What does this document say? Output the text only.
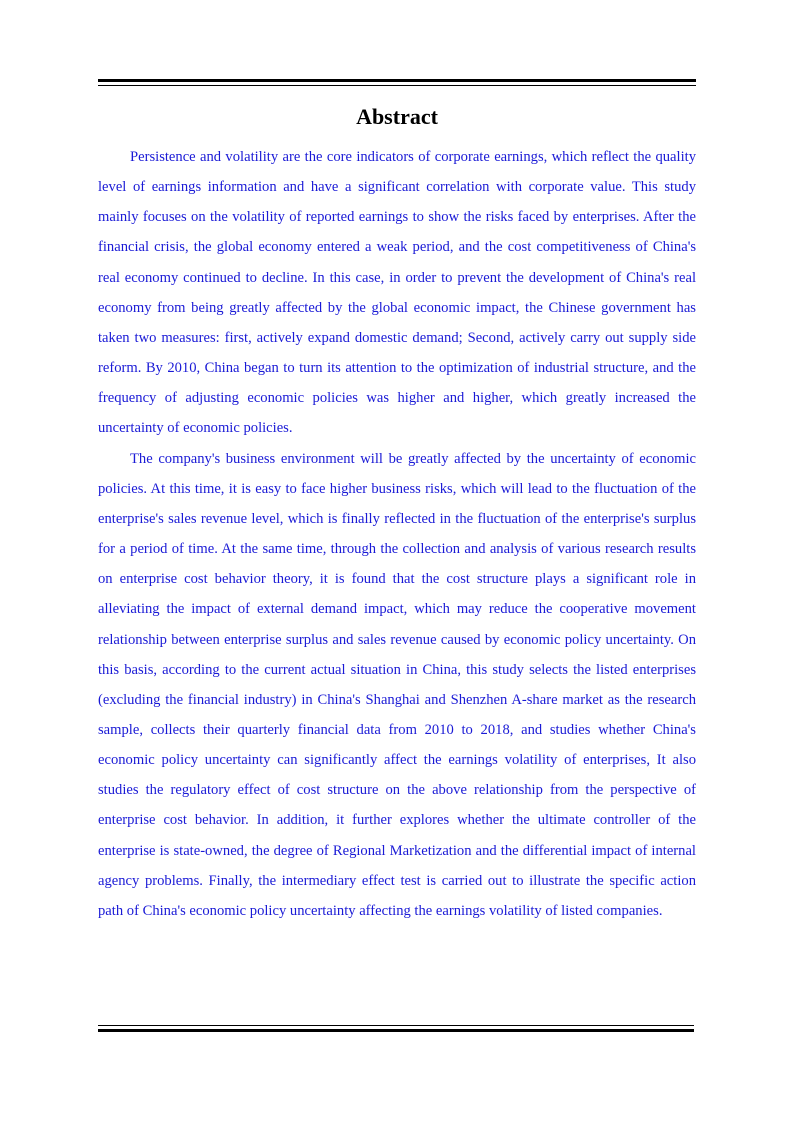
Abstract

Persistence and volatility are the core indicators of corporate earnings, which reflect the quality level of earnings information and have a significant correlation with corporate value. This study mainly focuses on the volatility of reported earnings to show the risks faced by enterprises. After the financial crisis, the global economy entered a weak period, and the cost competitiveness of China's real economy continued to decline. In this case, in order to prevent the development of China's real economy from being greatly affected by the global economic impact, the Chinese government has taken two measures: first, actively expand domestic demand; Second, actively carry out supply side reform. By 2010, China began to turn its attention to the optimization of industrial structure, and the frequency of adjusting economic policies was higher and higher, which greatly increased the uncertainty of economic policies.

The company's business environment will be greatly affected by the uncertainty of economic policies. At this time, it is easy to face higher business risks, which will lead to the fluctuation of the enterprise's sales revenue level, which is finally reflected in the fluctuation of the enterprise's surplus for a period of time. At the same time, through the collection and analysis of various research results on enterprise cost behavior theory, it is found that the cost structure plays a significant role in alleviating the impact of external demand impact, which may reduce the cooperative movement relationship between enterprise surplus and sales revenue caused by economic policy uncertainty. On this basis, according to the current actual situation in China, this study selects the listed enterprises (excluding the financial industry) in China's Shanghai and Shenzhen A-share market as the research sample, collects their quarterly financial data from 2010 to 2018, and studies whether China's economic policy uncertainty can significantly affect the earnings volatility of enterprises, It also studies the regulatory effect of cost structure on the above relationship from the perspective of enterprise cost behavior. In addition, it further explores whether the ultimate controller of the enterprise is state-owned, the degree of Regional Marketization and the differential impact of internal agency problems. Finally, the intermediary effect test is carried out to illustrate the specific action path of China's economic policy uncertainty affecting the earnings volatility of listed companies.
